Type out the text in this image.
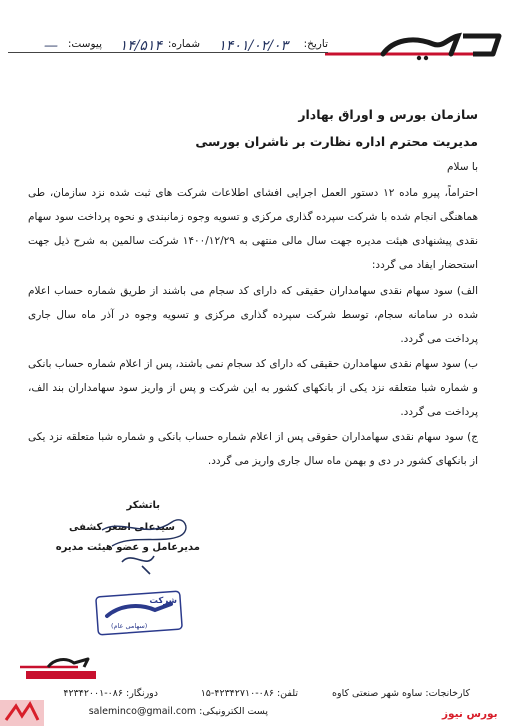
تاریخ:
۱۴۰۱/۰۲/۰۳
شماره:
۱۴/۵۱۴
پیوست:
—
سازمان بورس و اوراق بهادار
مدیریت محترم اداره نظارت بر ناشران بورسی
با سلام
احتراماً، پیرو ماده ۱۲ دستور العمل اجرایی افشای اطلاعات شرکت های ثبت شده نزد سازمان، طی هماهنگی انجام شده با شرکت سپرده گذاری مرکزی و تسویه وجوه زمانبندی و نحوه پرداخت سود سهام نقدی پیشنهادی هیئت مدیره جهت سال مالی منتهی به ۱۴۰۰/۱۲/۲۹ شرکت سالمین به شرح ذیل جهت استحضار ایفاد می گردد:
الف) سود سهام نقدی سهامداران حقیقی که دارای کد سجام می باشند از طریق شماره حساب اعلام شده در سامانه سجام، توسط شرکت سپرده گذاری مرکزی و تسویه وجوه در آذر ماه سال جاری پرداخت می گردد.
ب) سود سهام نقدی سهامدارن حقیقی که دارای کد سجام نمی باشند، پس از اعلام شماره حساب بانکی و شماره شبا متعلقه نزد یکی از بانکهای کشور به این شرکت و پس از واریز سود سهامداران بند الف، پرداخت می گردد.
ج) سود سهام نقدی سهامداران حقوقی پس از اعلام شماره حساب بانکی و شماره شبا متعلقه نزد یکی از بانکهای کشور در دی و بهمن ماه سال جاری واریز می گردد.
باتشکر
سیدعلی اصغر کشفی
مدیرعامل و عضو هیئت مدیره
شرکت
(سهامی عام)
کارخانجات: ساوه شهر صنعتی کاوه
تلفن: ۰۸۶-۴۲۳۴۲۷۱۰-۱۵
دورنگار: ۰۸۶-۴۲۳۴۲۰۰۱
پست الکترونیکی: saleminco@gmail.com	بورس نیوز
